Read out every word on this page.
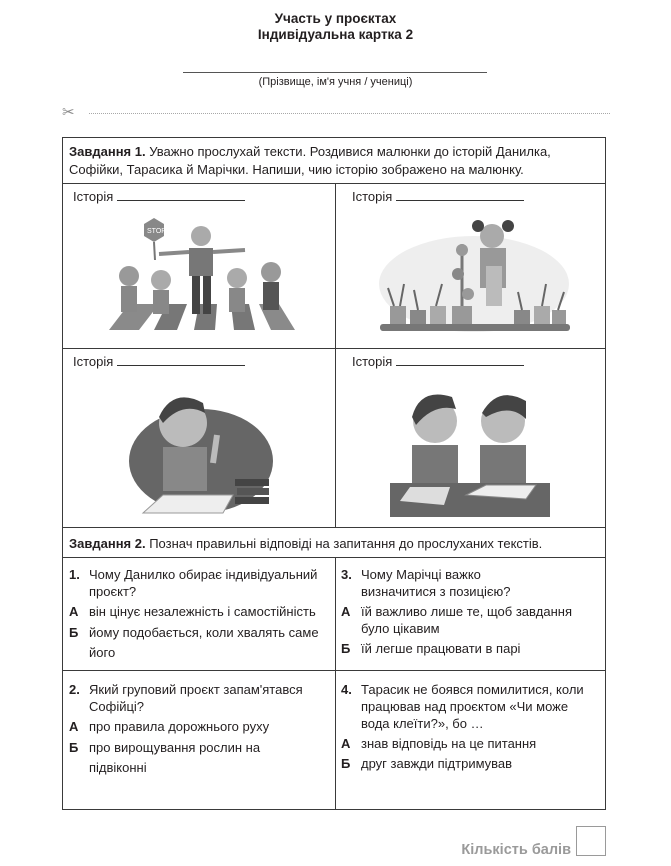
Участь у проєктах
Індивідуальна картка 2
(Прізвище, ім'я учня / учениці)
✂
Завдання 1. Уважно прослухай тексти. Роздивися малюнки до історій Данилка, Софійки, Тарасика й Марічки. Напиши, чию історію зображено на малюнку.
Історія
STOP
Історія
Історія	Історія
Завдання 2. Познач правильні відповіді на запитання до прослуханих текстів.
1. Чому Данилко обирає індивідуальний проєкт?
А він цінує незалежність і самостійність
Б йому подобається, коли хвалять саме його
3. Чому Марічці важко визначитися з позицією?
А їй важливо лише те, щоб завдання було цікавим
Б їй легше працювати в парі
2. Який груповий проєкт запам'ятався Софійці?
А про правила дорожнього руху
Б про вирощування рослин на підвіконні
4. Тарасик не боявся помилитися, коли працював над проєктом «Чи може вода клеїти?», бо …
А знав відповідь на це питання
Б друг завжди підтримував
Кількість балів
